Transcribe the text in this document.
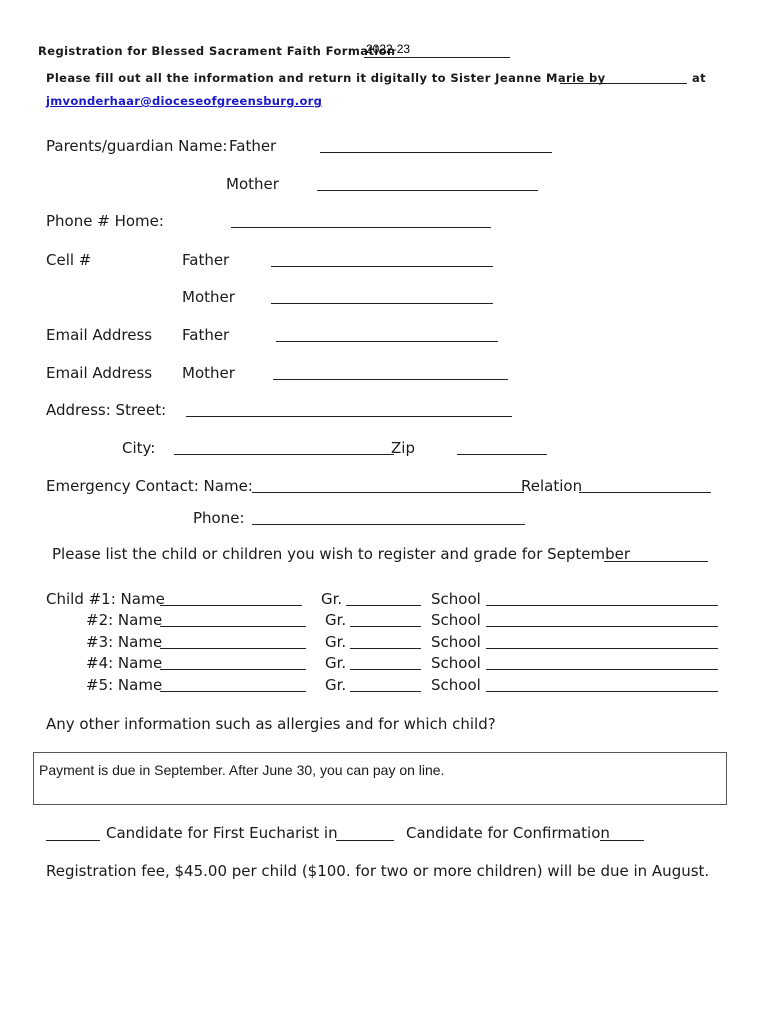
Registration for Blessed Sacrament Faith Formation
2022-23
Please fill out all the information and return it digitally to Sister Jeanne Marie by	at
jmvonderhaar@dioceseofgreensburg.org
Parents/guardian Name: Father
Mother
Phone # Home:
Cell #	Father
Mother
Email Address Father
Email Address Mother
Address: Street:
City:	Zip
Emergency Contact: Name:	Relation
Phone:
Please list the child or children you wish to register and grade for September
Child #1: Name	Gr.	School
#2: Name	Gr.	School
#3: Name	Gr.	School
#4: Name	Gr.	School
#5: Name	Gr.	School
Any other information such as allergies and for which child?
Payment is due in September. After June 30, you can pay on line.
Candidate for First Eucharist in	Candidate for Confirmation
Registration fee, $45.00 per child ($100. for two or more children) will be due in August.
